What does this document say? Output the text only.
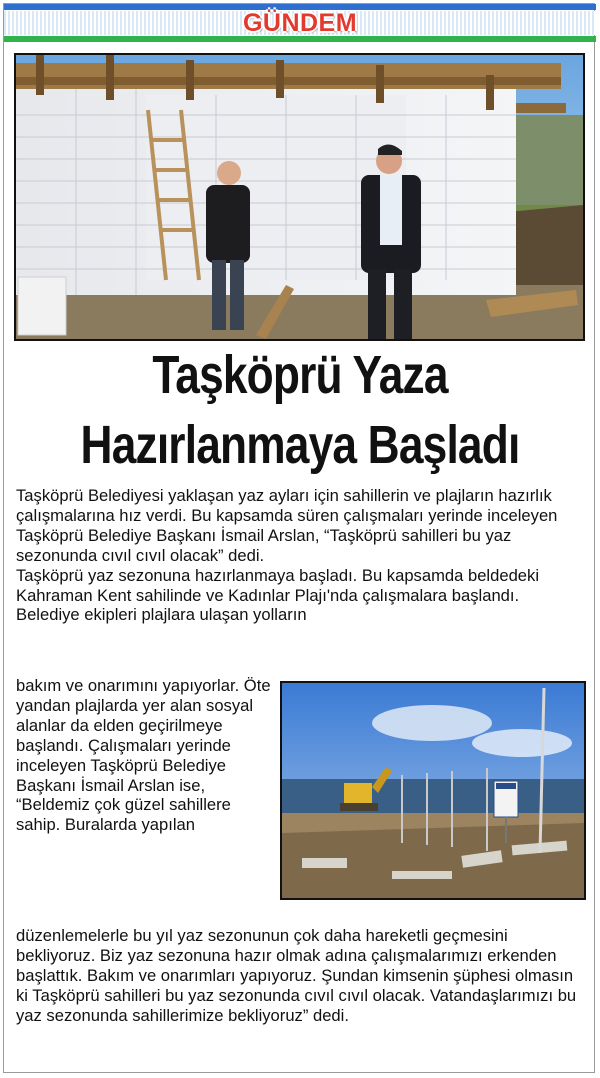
GÜNDEM
Taşköprü Yaza
Hazırlanmaya Başladı

Taşköprü Belediyesi yaklaşan yaz ayları için sahillerin ve plajların hazırlık çalışmalarına hız verdi. Bu kapsamda süren çalışmaları yerinde inceleyen Taşköprü Belediye Başkanı İsmail Arslan, “Taşköprü sahilleri bu yaz sezonunda cıvıl cıvıl olacak” dedi.
Taşköprü yaz sezonuna hazırlanmaya başladı. Bu kapsamda beldedeki Kahraman Kent sahilinde ve Kadınlar Plajı'nda çalışmalara başlandı. Belediye ekipleri plajlara ulaşan yolların

bakım ve onarımını yapıyorlar. Öte yandan plajlarda yer alan sosyal alanlar da elden geçirilmeye başlandı. Çalışmaları yerinde inceleyen Taşköprü Belediye Başkanı İsmail Arslan ise, “Beldemiz çok güzel sahillere sahip. Buralarda yapılan

düzenlemelerle bu yıl yaz sezonunun çok daha hareketli geçmesini bekliyoruz. Biz yaz sezonuna hazır olmak adına çalışmalarımızı erkenden başlattık. Bakım ve onarımları yapıyoruz. Şundan kimsenin şüphesi olmasın ki Taşköprü sahilleri bu yaz sezonunda cıvıl cıvıl olacak. Vatandaşlarımızı bu yaz sezonunda sahillerimize bekliyoruz” dedi.
